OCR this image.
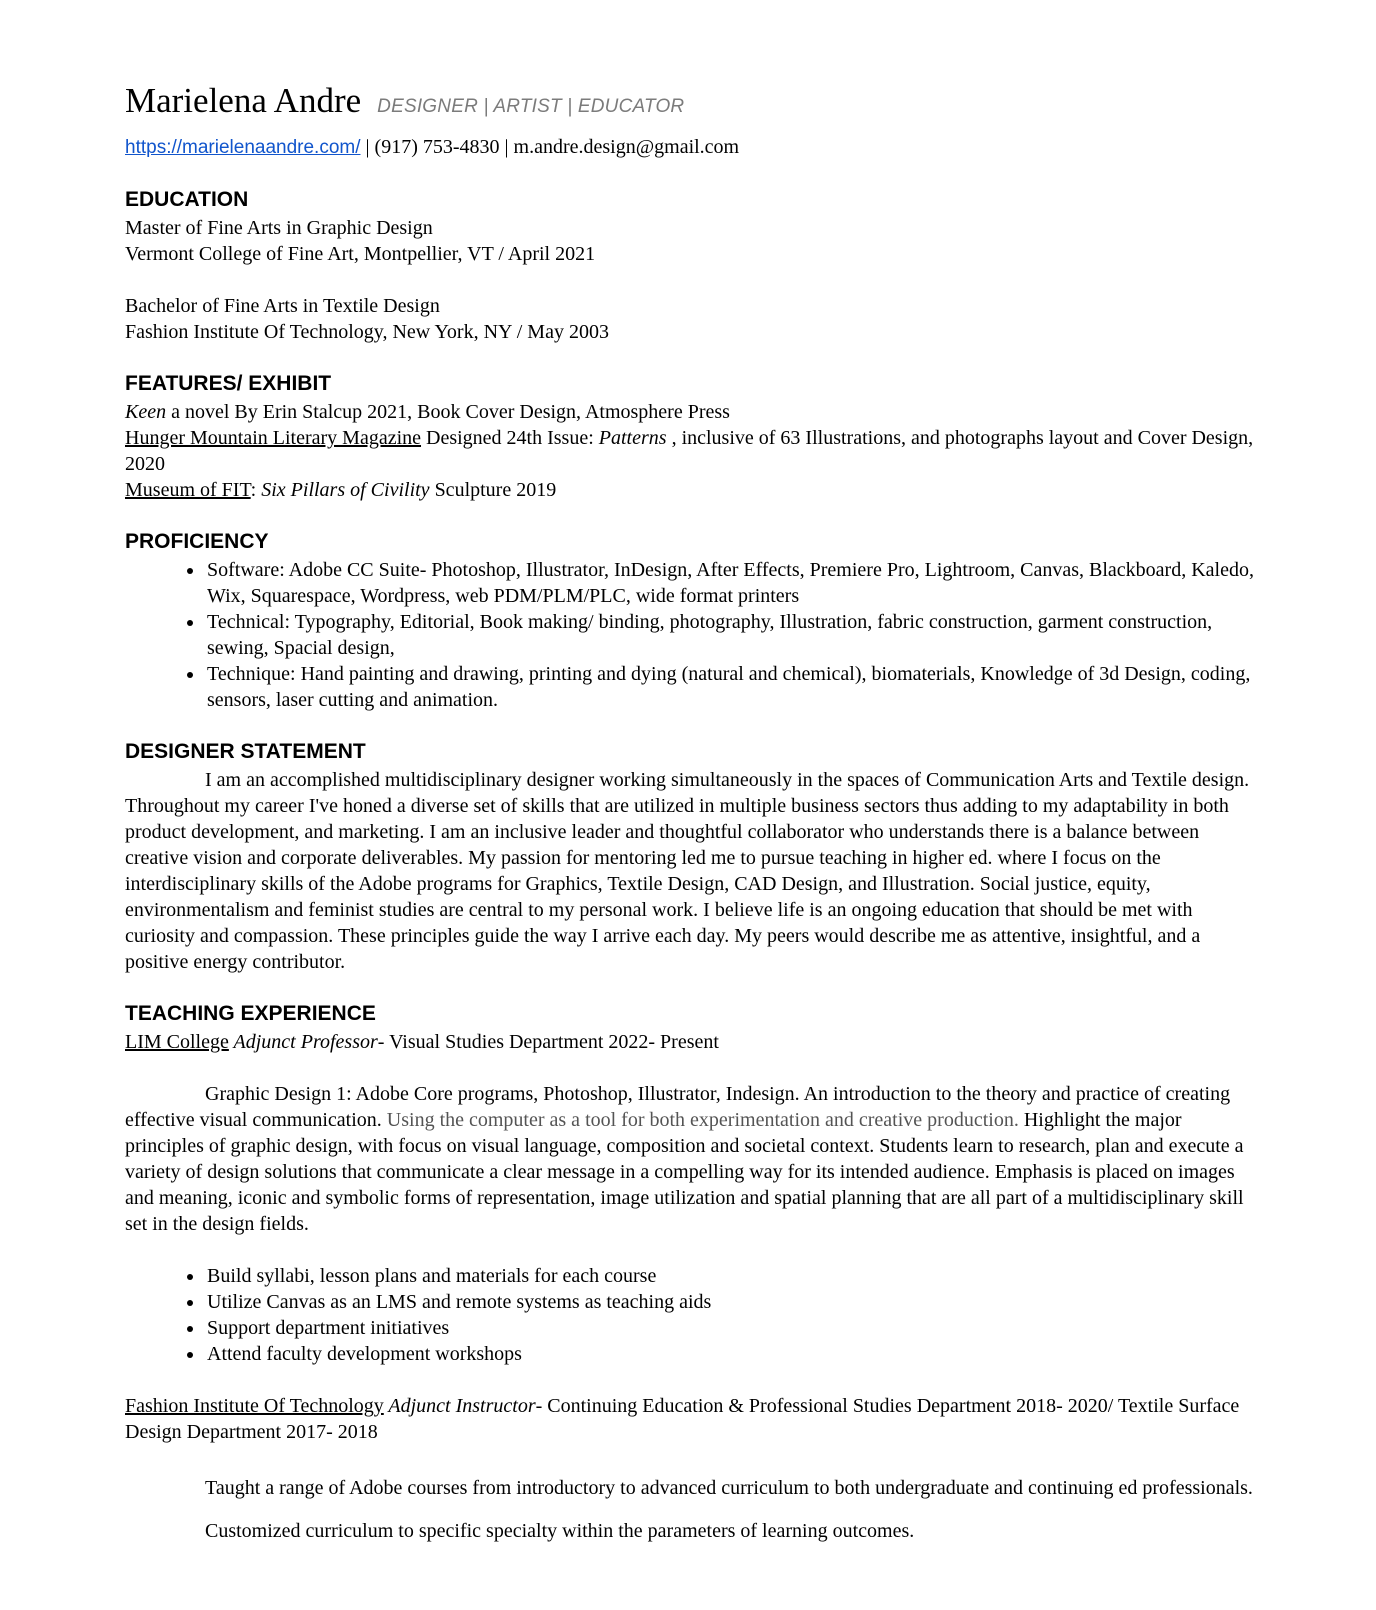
Marielena Andre DESIGNER | ARTIST | EDUCATOR

https://marielenaandre.com/ | (917) 753-4830 | m.andre.design@gmail.com

EDUCATION

Master of Fine Arts in Graphic Design

Vermont College of Fine Art, Montpellier, VT / April 2021

Bachelor of Fine Arts in Textile Design

Fashion Institute Of Technology, New York, NY / May 2003

FEATURES/ EXHIBIT

Keen a novel By Erin Stalcup 2021, Book Cover Design, Atmosphere Press

Hunger Mountain Literary Magazine Designed 24th Issue: Patterns , inclusive of 63 Illustrations, and photographs layout and Cover Design, 2020

Museum of FIT: Six Pillars of Civility Sculpture 2019

PROFICIENCY
• Software: Adobe CC Suite- Photoshop, Illustrator, InDesign, After Effects, Premiere Pro, Lightroom, Canvas, Blackboard, Kaledo, Wix, Squarespace, Wordpress, web PDM/PLM/PLC, wide format printers
• Technical: Typography, Editorial, Book making/ binding, photography, Illustration, fabric construction, garment construction, sewing, Spacial design,
• Technique: Hand painting and drawing, printing and dying (natural and chemical), biomaterials, Knowledge of 3d Design, coding, sensors, laser cutting and animation.
DESIGNER STATEMENT

I am an accomplished multidisciplinary designer working simultaneously in the spaces of Communication Arts and Textile design. Throughout my career I've honed a diverse set of skills that are utilized in multiple business sectors thus adding to my adaptability in both product development, and marketing. I am an inclusive leader and thoughtful collaborator who understands there is a balance between creative vision and corporate deliverables. My passion for mentoring led me to pursue teaching in higher ed. where I focus on the interdisciplinary skills of the Adobe programs for Graphics, Textile Design, CAD Design, and Illustration. Social justice, equity, environmentalism and feminist studies are central to my personal work. I believe life is an ongoing education that should be met with curiosity and compassion. These principles guide the way I arrive each day. My peers would describe me as attentive, insightful, and a positive energy contributor.

TEACHING EXPERIENCE

LIM College Adjunct Professor- Visual Studies Department 2022- Present

Graphic Design 1: Adobe Core programs, Photoshop, Illustrator, Indesign. An introduction to the theory and practice of creating effective visual communication. Using the computer as a tool for both experimentation and creative production. Highlight the major principles of graphic design, with focus on visual language, composition and societal context. Students learn to research, plan and execute a variety of design solutions that communicate a clear message in a compelling way for its intended audience. Emphasis is placed on images and meaning, iconic and symbolic forms of representation, image utilization and spatial planning that are all part of a multidisciplinary skill set in the design fields.

• Build syllabi, lesson plans and materials for each course
• Utilize Canvas as an LMS and remote systems as teaching aids
• Support department initiatives
• Attend faculty development workshops

Fashion Institute Of Technology Adjunct Instructor- Continuing Education & Professional Studies Department 2018- 2020/ Textile Surface Design Department 2017- 2018

Taught a range of Adobe courses from introductory to advanced curriculum to both undergraduate and continuing ed professionals. Customized curriculum to specific specialty within the parameters of learning outcomes.
